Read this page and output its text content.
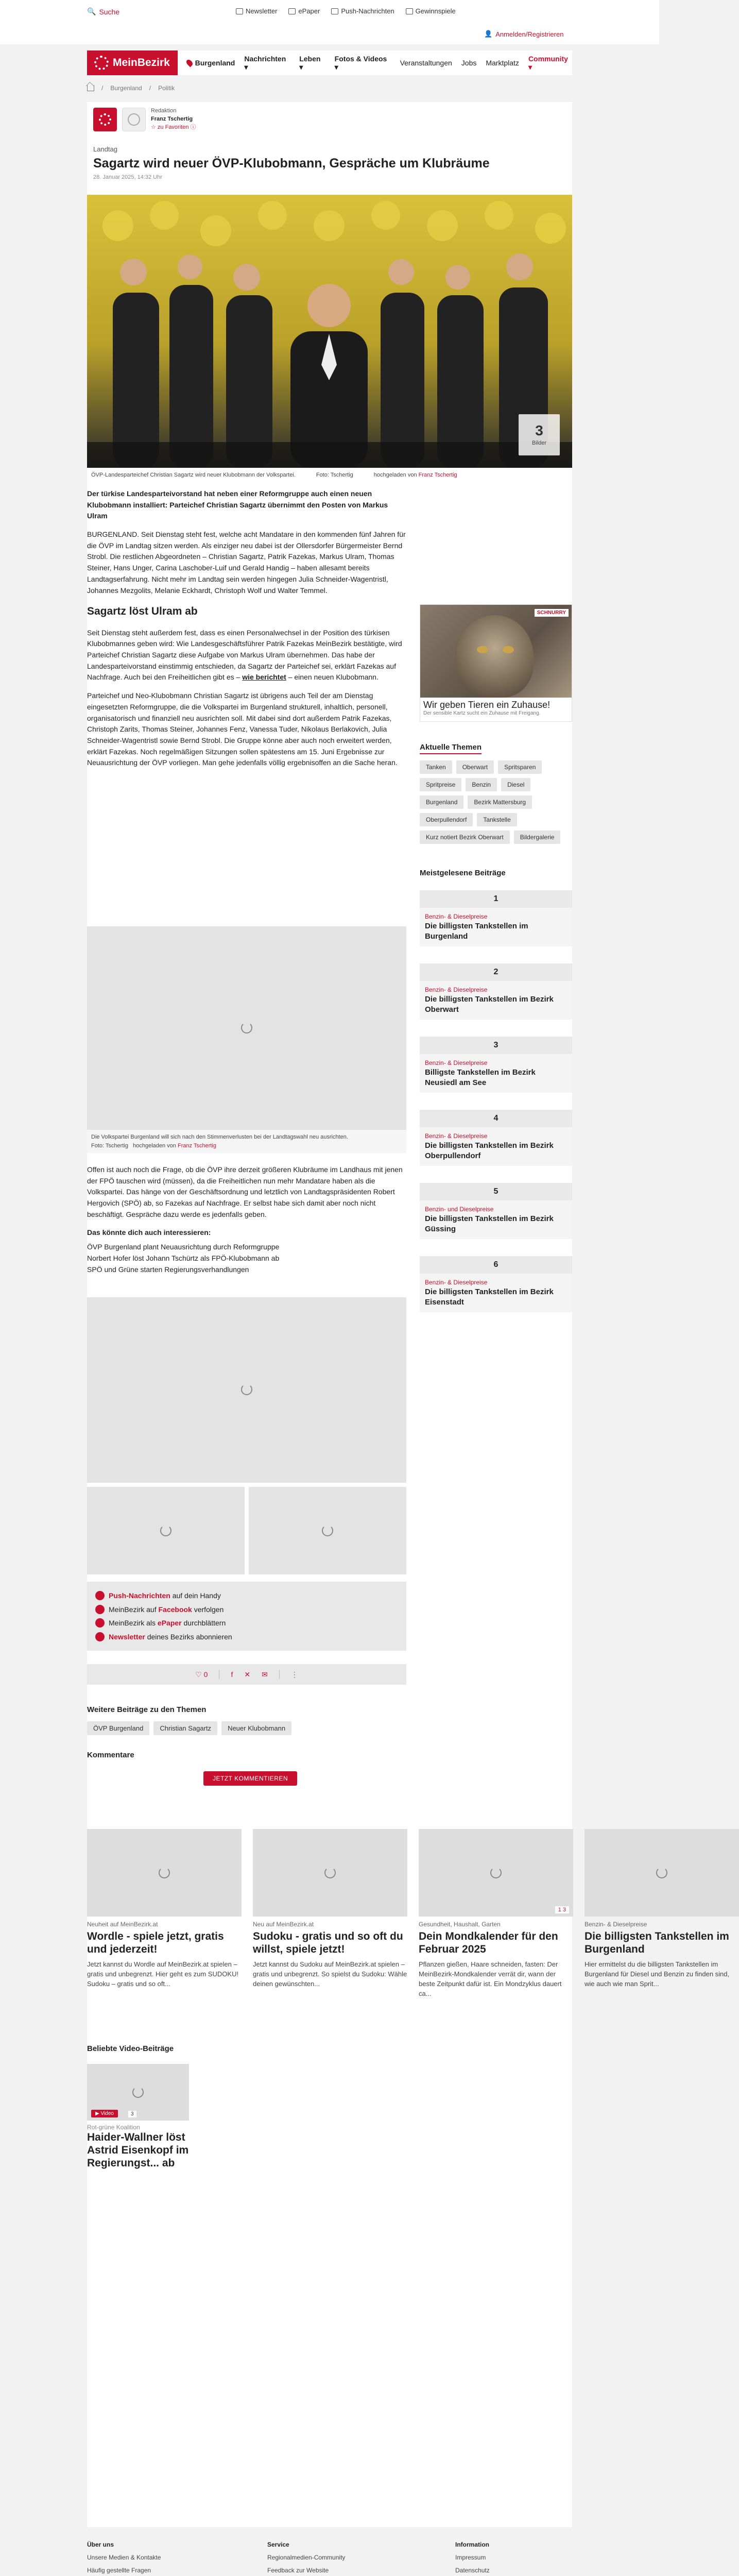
🔍 Suche	Newsletter	ePaper	Push-Nachrichten	Gewinnspiele
👤 Anmelden/Registrieren
MeinBezirk	Burgenland
Nachrichten ▾
Leben ▾
Fotos & Videos ▾	Veranstaltungen Jobs Marktplatz
Community ▾
/ Burgenland / Politik
Redaktion
Franz Tschertig
☆ zu Favoriten ⓘ
Landtag
Sagartz wird neuer ÖVP-Klubobmann, Gespräche um Klubräume
28. Januar 2025, 14:32 Uhr
3
Bilder
ÖVP-Landesparteichef Christian Sagartz wird neuer Klubobmann der Volkspartei.	Foto: Tschertig	hochgeladen von Franz Tschertig

Der türkise Landesparteivorstand hat neben einer Reformgruppe auch einen neuen Klubobmann installiert: Parteichef Christian Sagartz übernimmt den Posten von Markus Ulram

BURGENLAND. Seit Dienstag steht fest, welche acht Mandatare in den kommenden fünf Jahren für die ÖVP im Landtag sitzen werden. Als einziger neu dabei ist der Ollersdorfer Bürgermeister Bernd Strobl. Die restlichen Abgeordneten – Christian Sagartz, Patrik Fazekas, Markus Ulram, Thomas Steiner, Hans Unger, Carina Laschober-Luif und Gerald Handig – haben allesamt bereits Landtagserfahrung. Nicht mehr im Landtag sein werden hingegen Julia Schneider-Wagentristl, Johannes Mezgolits, Melanie Eckhardt, Christoph Wolf und Walter Temmel.

Sagartz löst Ulram ab

Seit Dienstag steht außerdem fest, dass es einen Personalwechsel in der Position des türkisen Klubobmannes geben wird: Wie Landesgeschäftsführer Patrik Fazekas MeinBezirk bestätigte, wird Parteichef Christian Sagartz diese Aufgabe von Markus Ulram übernehmen. Das habe der Landesparteivorstand einstimmig entschieden, da Sagartz der Parteichef sei, erklärt Fazekas auf Nachfrage. Auch bei den Freiheitlichen gibt es – wie berichtet – einen neuen Klubobmann.

Parteichef und Neo-Klubobmann Christian Sagartz ist übrigens auch Teil der am Dienstag eingesetzten Reformgruppe, die die Volkspartei im Burgenland strukturell, inhaltlich, personell, organisatorisch und finanziell neu ausrichten soll. Mit dabei sind dort außerdem Patrik Fazekas, Christoph Zarits, Thomas Steiner, Johannes Fenz, Vanessa Tuder, Nikolaus Berlakovich, Julia Schneider-Wagentristl sowie Bernd Strobl. Die Gruppe könne aber auch noch erweitert werden, erklärt Fazekas. Noch regelmäßigen Sitzungen sollen spätestens am 15. Juni Ergebnisse zur Neuausrichtung der ÖVP vorliegen. Man gehe jedenfalls völlig ergebnisoffen an die Sache heran.

Die Volkspartei Burgenland will sich nach den Stimmenverlusten bei der Landtagswahl neu ausrichten.
Foto: Tschertig hochgeladen von Franz Tschertig

Offen ist auch noch die Frage, ob die ÖVP ihre derzeit größeren Klubräume im Landhaus mit jenen der FPÖ tauschen wird (müssen), da die Freiheitlichen nun mehr Mandatare haben als die Volkspartei. Das hänge von der Geschäftsordnung und letztlich von Landtagspräsidenten Robert Hergovich (SPÖ) ab, so Fazekas auf Nachfrage. Er selbst habe sich damit aber noch nicht beschäftigt. Gespräche dazu werde es jedenfalls geben.

Das könnte dich auch interessieren:

ÖVP Burgenland plant Neuausrichtung durch Reformgruppe
Norbert Hofer löst Johann Tschürtz als FPÖ-Klubobmann ab
SPÖ und Grüne starten Regierungsverhandlungen
Push-Nachrichten auf dein Handy
MeinBezirk auf Facebook verfolgen
MeinBezirk als ePaper durchblättern
Newsletter deines Bezirks abonnieren
♡ 0	f ✕ ✉	⋮
Weitere Beiträge zu den Themen
ÖVP Burgenland	Christian Sagartz	Neuer Klubobmann
Kommentare
JETZT KOMMENTIEREN
SCHNURRY
Wir geben Tieren ein Zuhause!
Der sensible Kartz sucht ein Zuhause mit Freigang.
Aktuelle Themen
Tanken	Oberwart	Spritsparen
Spritpreise	Benzin	Diesel
Burgenland	Bezirk Mattersburg
Oberpullendorf	Tankstelle
Kurz notiert Bezirk Oberwart	Bildergalerie
Meistgelesene Beiträge
1
Benzin- & Dieselpreise
Die billigsten Tankstellen im Burgenland
2
Benzin- & Dieselpreise
Die billigsten Tankstellen im Bezirk Oberwart
3
Benzin- & Dieselpreise
Billigste Tankstellen im Bezirk Neusiedl am See
4
Benzin- & Dieselpreise
Die billigsten Tankstellen im Bezirk Oberpullendorf
5
Benzin- und Dieselpreise
Die billigsten Tankstellen im Bezirk Güssing
6
Benzin- & Dieselpreise
Die billigsten Tankstellen im Bezirk Eisenstadt
Neuheit auf MeinBezirk.at
Wordle - spiele jetzt, gratis und jederzeit!
Jetzt kannst du Wordle auf MeinBezirk.at spielen – gratis und unbegrenzt. Hier geht es zum SUDOKU! Sudoku – gratis und so oft...
Neu auf MeinBezirk.at
Sudoku - gratis und so oft du willst, spiele jetzt!
Jetzt kannst du Sudoku auf MeinBezirk.at spielen – gratis und unbegrenzt. So spielst du Sudoku: Wähle deinen gewünschten...
1 3
Gesundheit, Haushalt, Garten
Dein Mondkalender für den Februar 2025
Pflanzen gießen, Haare schneiden, fasten: Der MeinBezirk-Mondkalender verrät dir, wann der beste Zeitpunkt dafür ist. Ein Mondzyklus dauert ca...
Benzin- & Dieselpreise
Die billigsten Tankstellen im Burgenland
Hier ermittelst du die billigsten Tankstellen im Burgenland für Diesel und Benzin zu finden sind, wie auch wie man Sprit...
Beliebte Video-Beiträge
▶ Video	3
Rot-grüne Koalition
Haider-Wallner löst Astrid Eisenkopf im Regierungst... ab
Über uns
Unsere Medien & Kontakte
Häufig gestellte Fragen
Service
Regionalmedien-Community
Feedback zur Website
Information
Impressum
Datenschutz
